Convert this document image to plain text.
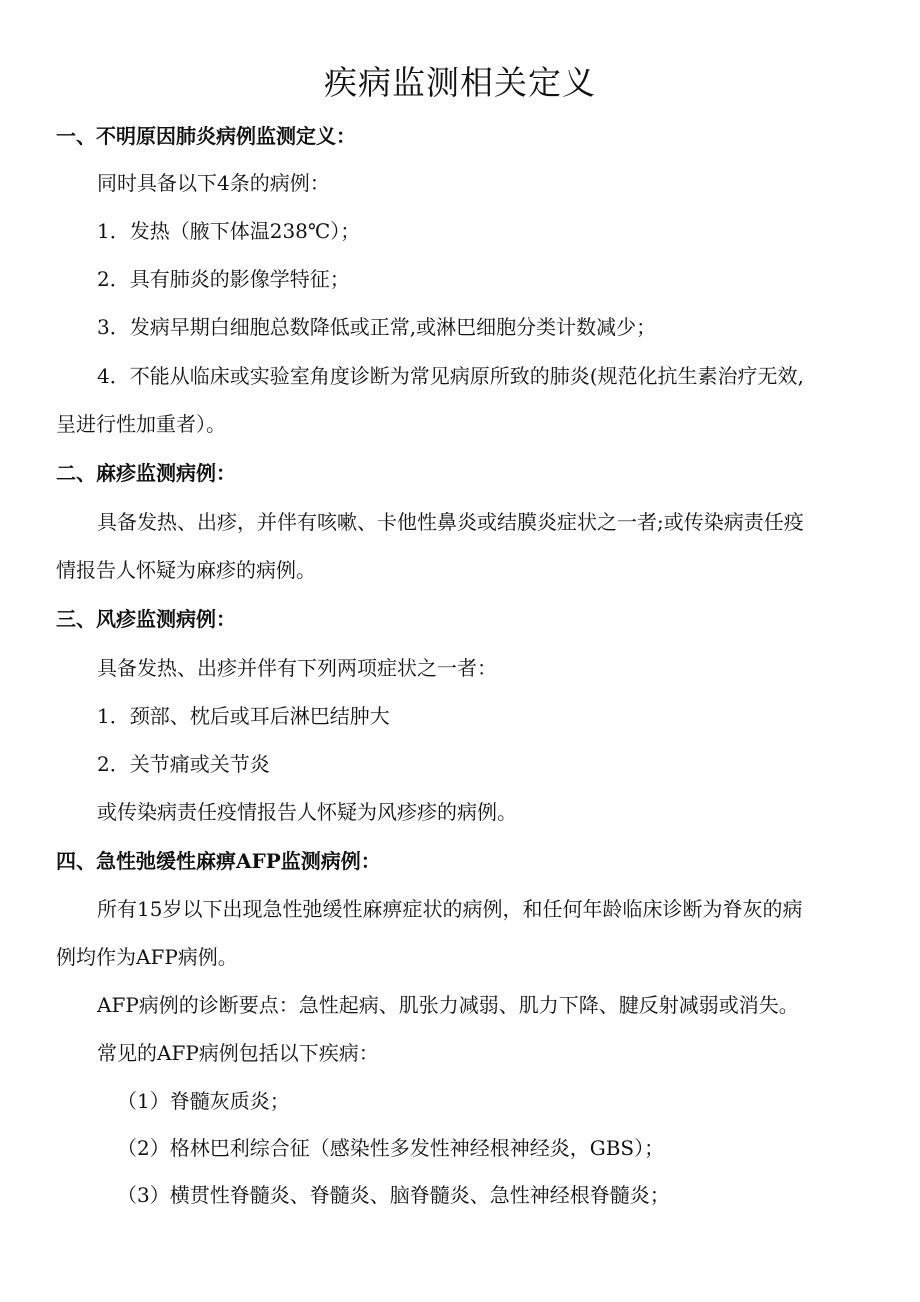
疾病监测相关定义
一、不明原因肺炎病例监测定义：
同时具备以下4条的病例：
1．发热（腋下体温238℃）；
2．具有肺炎的影像学特征；
3．发病早期白细胞总数降低或正常,或淋巴细胞分类计数减少；
4．不能从临床或实验室角度诊断为常见病原所致的肺炎(规范化抗生素治疗无效,
呈进行性加重者）。
二、麻疹监测病例：
具备发热、出疹，并伴有咳嗽、卡他性鼻炎或结膜炎症状之一者;或传染病责任疫
情报告人怀疑为麻疹的病例。
三、风疹监测病例：
具备发热、出疹并伴有下列两项症状之一者：
1．颈部、枕后或耳后淋巴结肿大
2．关节痛或关节炎
或传染病责任疫情报告人怀疑为风疹疹的病例。
四、急性弛缓性麻痹AFP监测病例：
所有15岁以下出现急性弛缓性麻痹症状的病例，和任何年龄临床诊断为脊灰的病
例均作为AFP病例。
AFP病例的诊断要点：急性起病、肌张力减弱、肌力下降、腱反射减弱或消失。
常见的AFP病例包括以下疾病：
（1）脊髓灰质炎；
（2）格林巴利综合征（感染性多发性神经根神经炎，GBS）；
（3）横贯性脊髓炎、脊髓炎、脑脊髓炎、急性神经根脊髓炎；
